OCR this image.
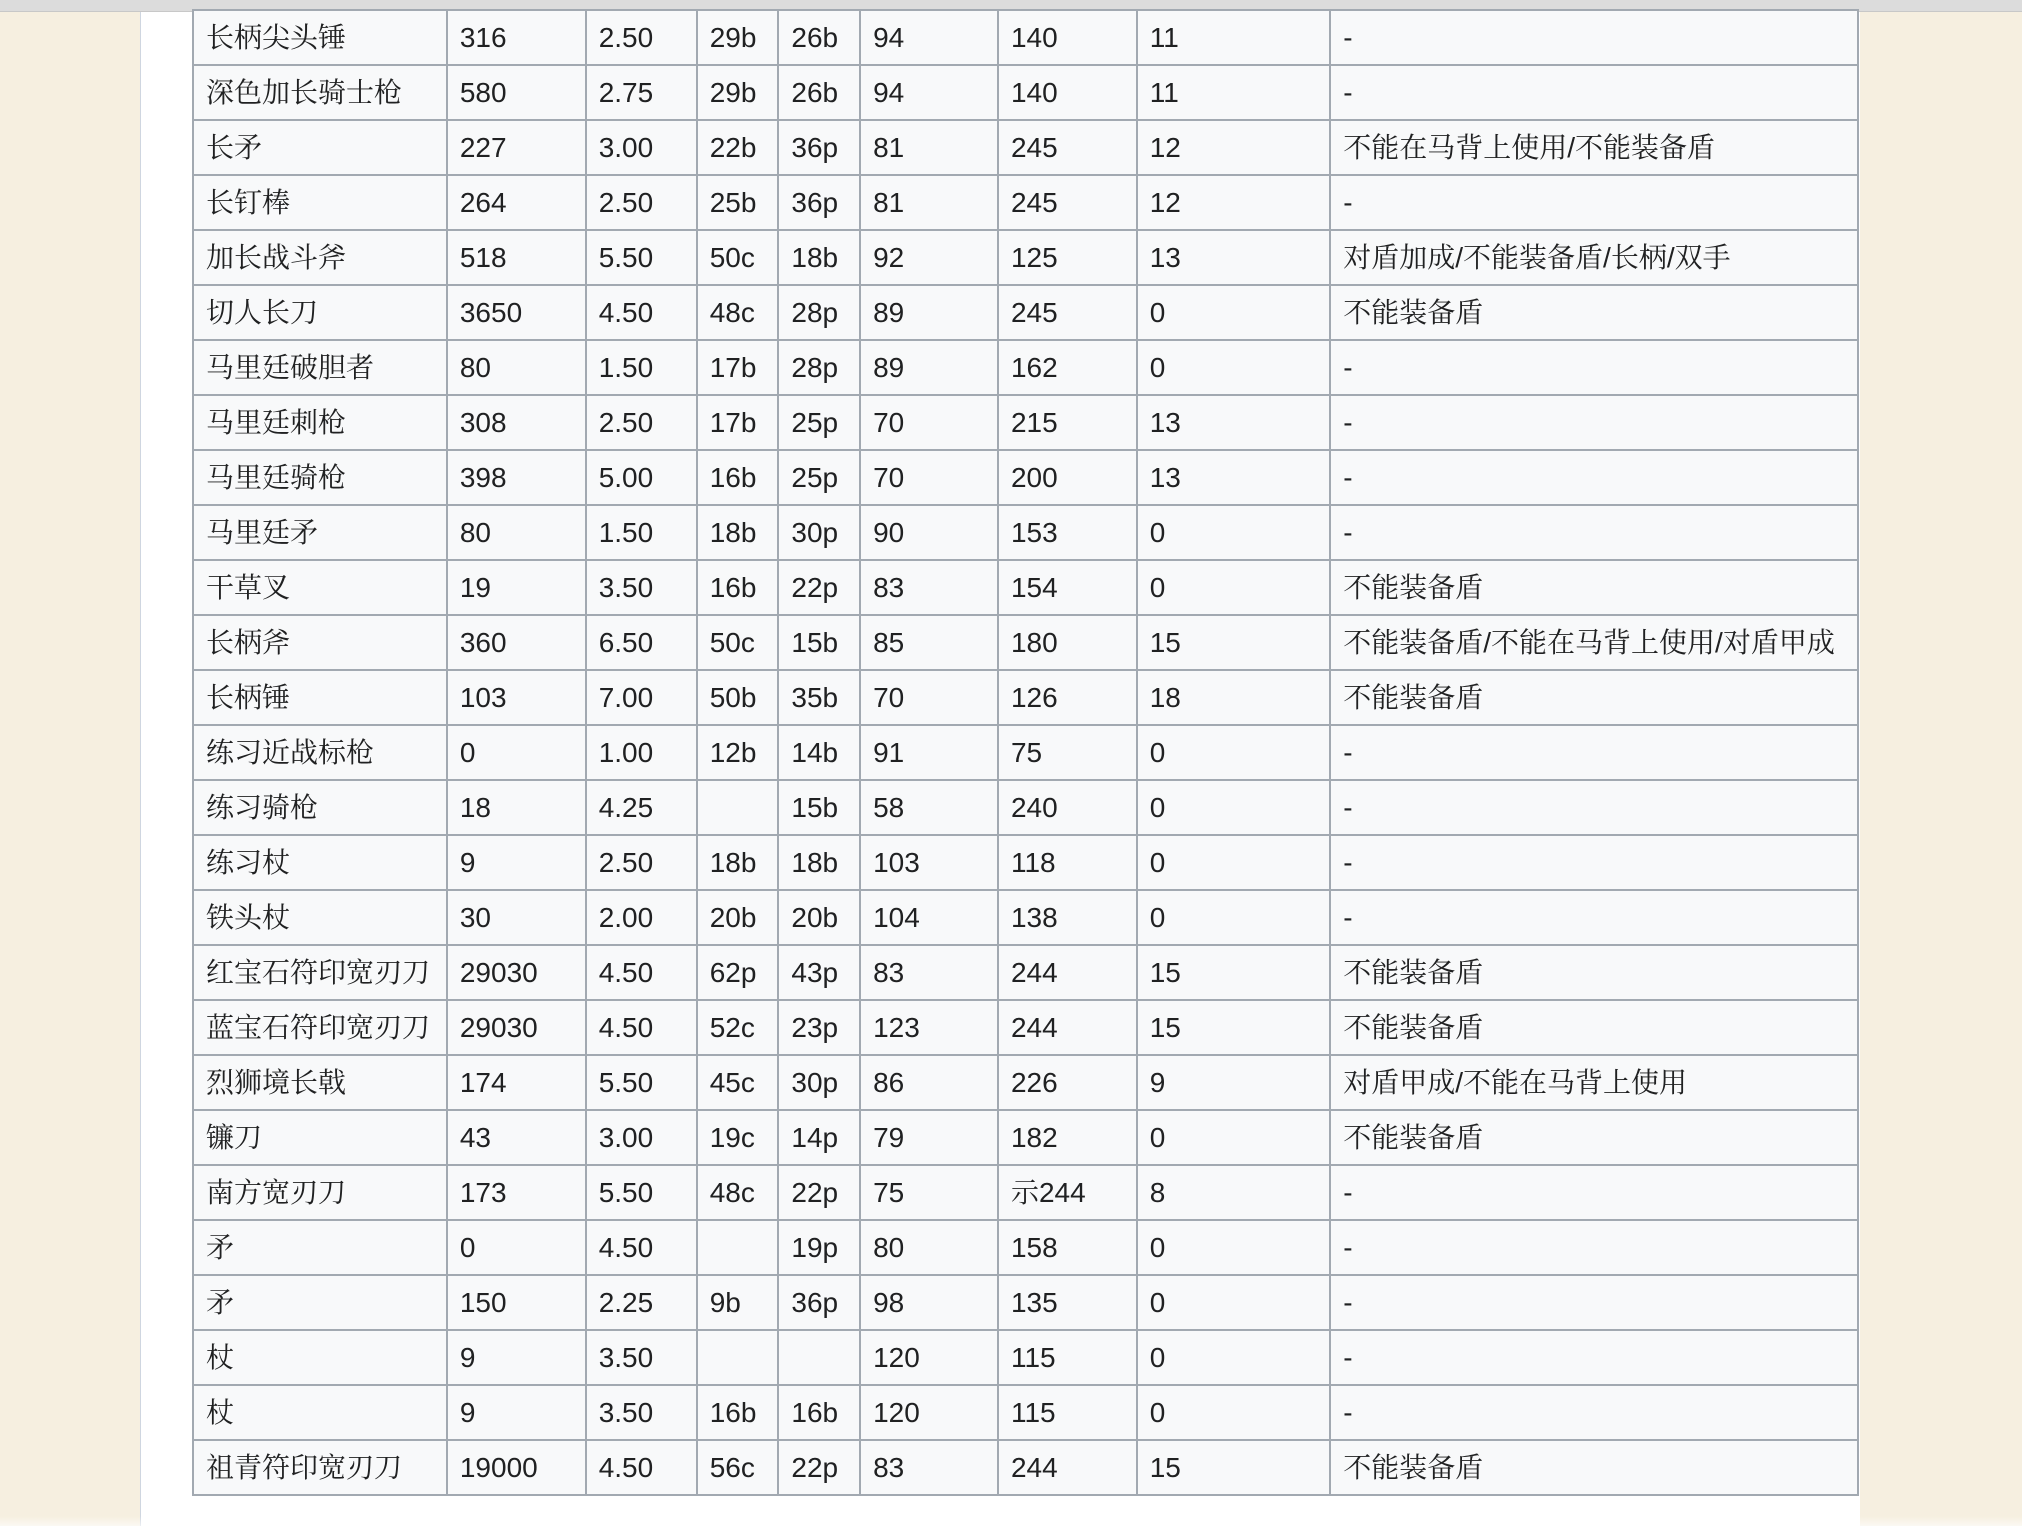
长柄尖头锤	316	2.50	29b	26b	94	140	11	-
深色加长骑士枪	580	2.75	29b	26b	94	140	11	-
长矛	227	3.00	22b	36p	81	245	12	不能在马背上使用/不能装备盾
长钉棒	264	2.50	25b	36p	81	245	12	-
加长战斗斧	518	5.50	50c	18b	92	125	13	对盾加成/不能装备盾/长柄/双手
切人长刀	3650	4.50	48c	28p	89	245	0	不能装备盾
马里廷破胆者	80	1.50	17b	28p	89	162	0	-
马里廷刺枪	308	2.50	17b	25p	70	215	13	-
马里廷骑枪	398	5.00	16b	25p	70	200	13	-
马里廷矛	80	1.50	18b	30p	90	153	0	-
干草叉	19	3.50	16b	22p	83	154	0	不能装备盾
长柄斧	360	6.50	50c	15b	85	180	15	不能装备盾/不能在马背上使用/对盾甲成
长柄锤	103	7.00	50b	35b	70	126	18	不能装备盾
练习近战标枪	0	1.00	12b	14b	91	75	0	-
练习骑枪	18	4.25		15b	58	240	0	-
练习杖	9	2.50	18b	18b	103	118	0	-
铁头杖	30	2.00	20b	20b	104	138	0	-
红宝石符印宽刃刀	29030	4.50	62p	43p	83	244	15	不能装备盾
蓝宝石符印宽刃刀	29030	4.50	52c	23p	123	244	15	不能装备盾
烈狮境长戟	174	5.50	45c	30p	86	226	9	对盾甲成/不能在马背上使用
镰刀	43	3.00	19c	14p	79	182	0	不能装备盾
南方宽刃刀	173	5.50	48c	22p	75	示244	8	-
矛	0	4.50		19p	80	158	0	-
矛	150	2.25	9b	36p	98	135	0	-
杖	9	3.50			120	115	0	-
杖	9	3.50	16b	16b	120	115	0	-
祖青符印宽刃刀	19000	4.50	56c	22p	83	244	15	不能装备盾
